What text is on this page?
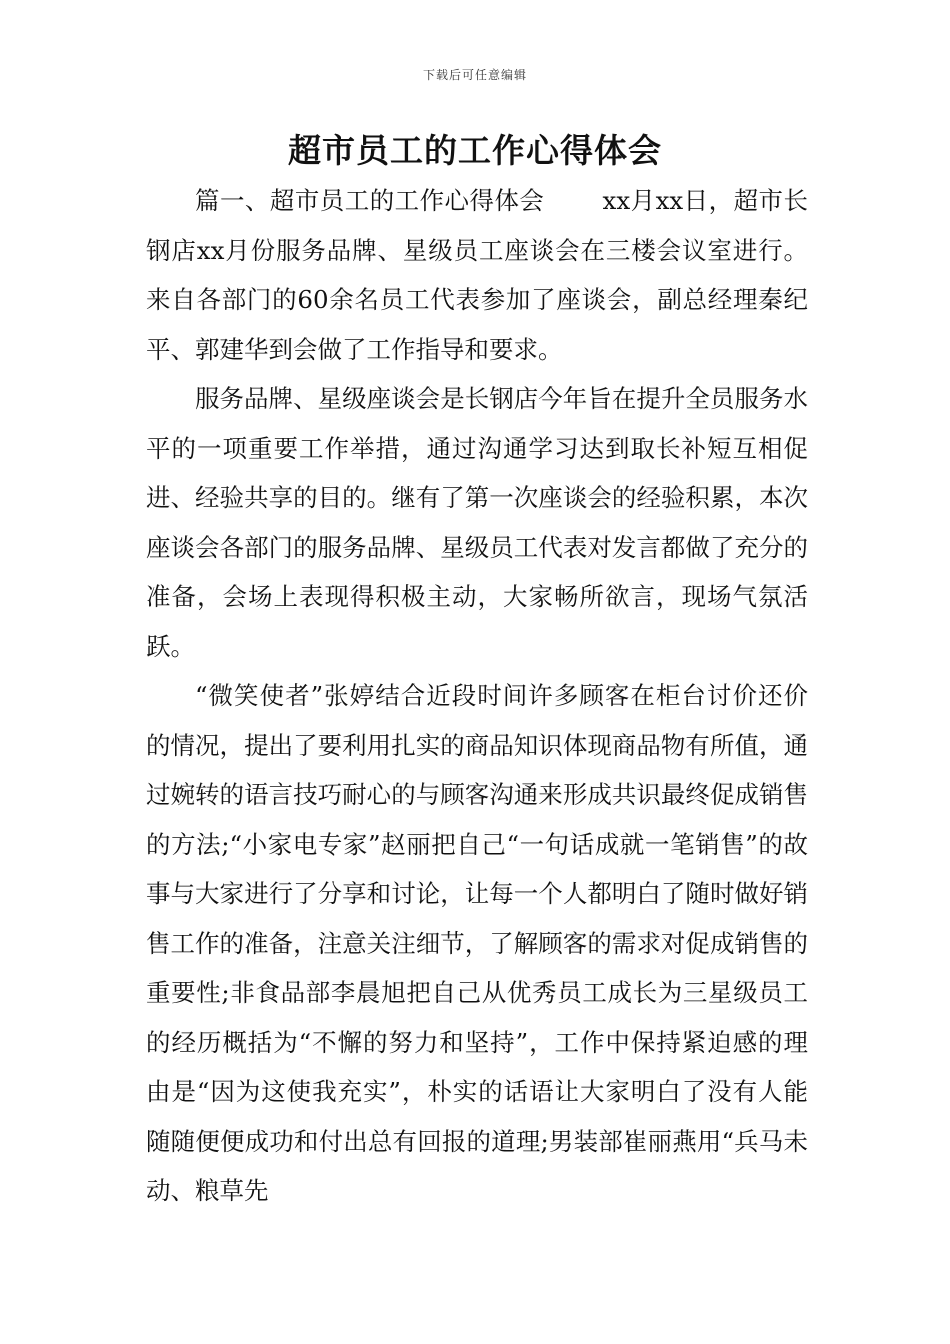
下载后可任意编辑
超市员工的工作心得体会

篇一、超市员工的工作心得体会　　 xx月xx日，超市长钢店xx月份服务品牌、星级员工座谈会在三楼会议室进行。来自各部门的60余名员工代表参加了座谈会，副总经理秦纪平、郭建华到会做了工作指导和要求。

服务品牌、星级座谈会是长钢店今年旨在提升全员服务水平的一项重要工作举措，通过沟通学习达到取长补短互相促进、经验共享的目的。继有了第一次座谈会的经验积累，本次座谈会各部门的服务品牌、星级员工代表对发言都做了充分的准备，会场上表现得积极主动，大家畅所欲言，现场气氛活跃。

“微笑使者”张婷结合近段时间许多顾客在柜台讨价还价的情况，提出了要利用扎实的商品知识体现商品物有所值，通过婉转的语言技巧耐心的与顾客沟通来形成共识最终促成销售的方法;“小家电专家”赵丽把自己“一句话成就一笔销售”的故事与大家进行了分享和讨论，让每一个人都明白了随时做好销售工作的准备，注意关注细节，了解顾客的需求对促成销售的重要性;非食品部李晨旭把自己从优秀员工成长为三星级员工的经历概括为“不懈的努力和坚持”，工作中保持紧迫感的理由是“因为这使我充实”，朴实的话语让大家明白了没有人能随随便便成功和付出总有回报的道理;男装部崔丽燕用“兵马未动、粮草先
